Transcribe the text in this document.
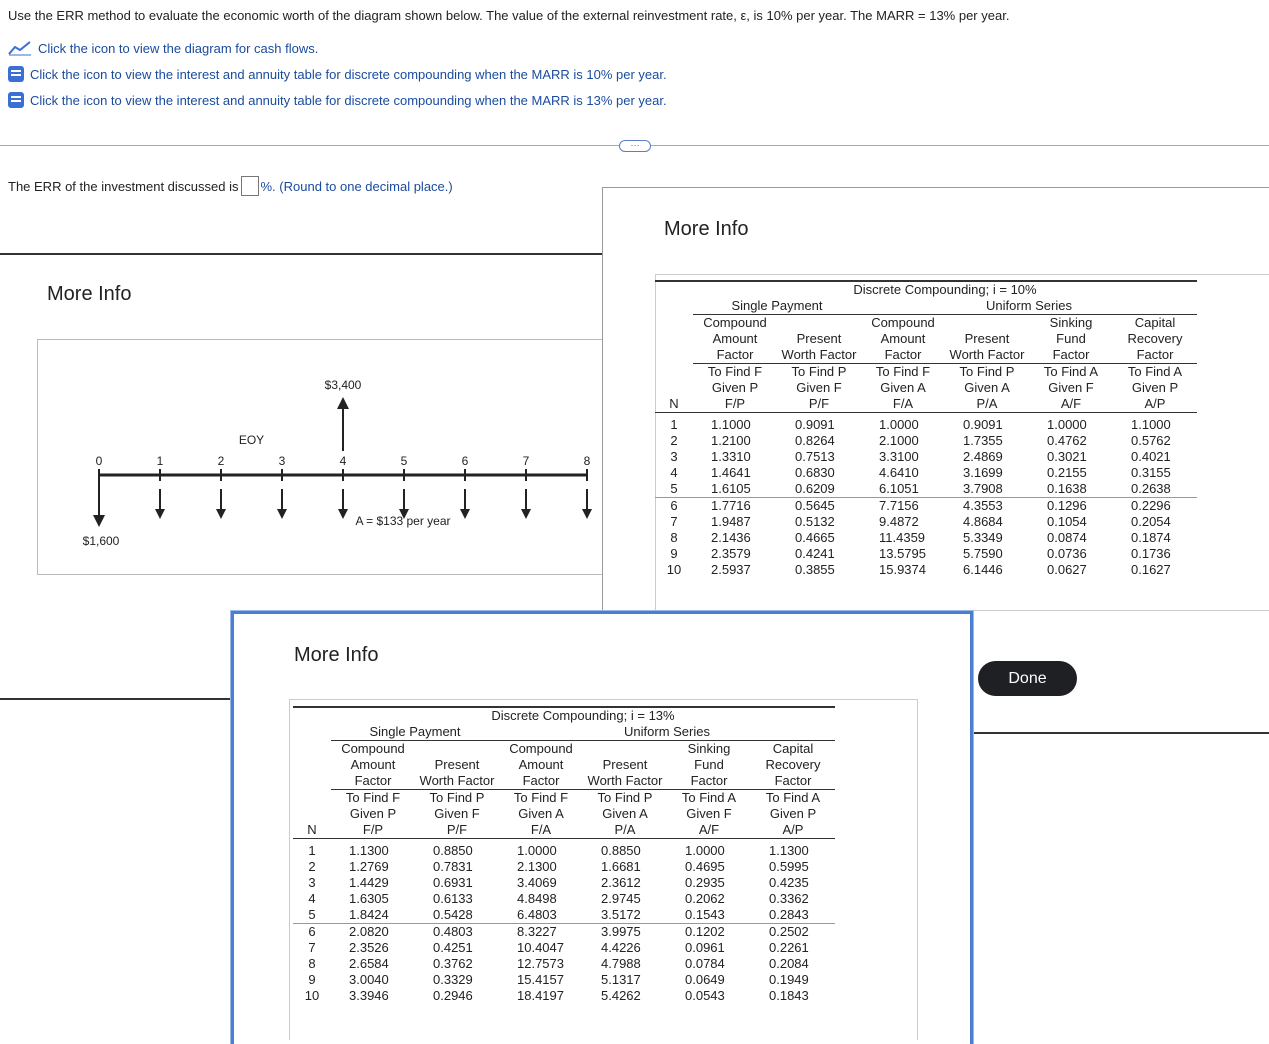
Use the ERR method to evaluate the economic worth of the diagram shown below. The value of the external reinvestment rate, ε, is 10% per year. The MARR = 13% per year.
Click the icon to view the diagram for cash flows.
Click the icon to view the interest and annuity table for discrete compounding when the MARR is 10% per year.
Click the icon to view the interest and annuity table for discrete compounding when the MARR is 13% per year.
···
The ERR of the investment discussed is %. (Round to one decimal place.)
More Info
0	1	2	3	4	5	6	7	8
EOY
$1,600
A = $133 per year
$3,400
More Info
	Discrete Compounding; i = 10%					
	Single Payment		Uniform Series			
	Compound		Compound		Sinking	Capital
	Amount	Present	Amount	Present	Fund	Recovery
	Factor	Worth Factor	Factor	Worth Factor	Factor	Factor
	To Find F	To Find P	To Find F	To Find P	To Find A	To Find A
	Given P	Given F	Given A	Given A	Given F	Given P
N	F/P	P/F	F/A	P/A	A/F	A/P
1	1.1000	0.9091	1.0000	0.9091	1.0000	1.1000
2	1.2100	0.8264	2.1000	1.7355	0.4762	0.5762
3	1.3310	0.7513	3.3100	2.4869	0.3021	0.4021
4	1.4641	0.6830	4.6410	3.1699	0.2155	0.3155
5	1.6105	0.6209	6.1051	3.7908	0.1638	0.2638
6	1.7716	0.5645	7.7156	4.3553	0.1296	0.2296
7	1.9487	0.5132	9.4872	4.8684	0.1054	0.2054
8	2.1436	0.4665	11.4359	5.3349	0.0874	0.1874
9	2.3579	0.4241	13.5795	5.7590	0.0736	0.1736
10	2.5937	0.3855	15.9374	6.1446	0.0627	0.1627
Done
More Info
	Discrete Compounding; i = 13%					
	Single Payment		Uniform Series			
	Compound		Compound		Sinking	Capital
	Amount	Present	Amount	Present	Fund	Recovery
	Factor	Worth Factor	Factor	Worth Factor	Factor	Factor
	To Find F	To Find P	To Find F	To Find P	To Find A	To Find A
	Given P	Given F	Given A	Given A	Given F	Given P
N	F/P	P/F	F/A	P/A	A/F	A/P
1	1.1300	0.8850	1.0000	0.8850	1.0000	1.1300
2	1.2769	0.7831	2.1300	1.6681	0.4695	0.5995
3	1.4429	0.6931	3.4069	2.3612	0.2935	0.4235
4	1.6305	0.6133	4.8498	2.9745	0.2062	0.3362
5	1.8424	0.5428	6.4803	3.5172	0.1543	0.2843
6	2.0820	0.4803	8.3227	3.9975	0.1202	0.2502
7	2.3526	0.4251	10.4047	4.4226	0.0961	0.2261
8	2.6584	0.3762	12.7573	4.7988	0.0784	0.2084
9	3.0040	0.3329	15.4157	5.1317	0.0649	0.1949
10	3.3946	0.2946	18.4197	5.4262	0.0543	0.1843
